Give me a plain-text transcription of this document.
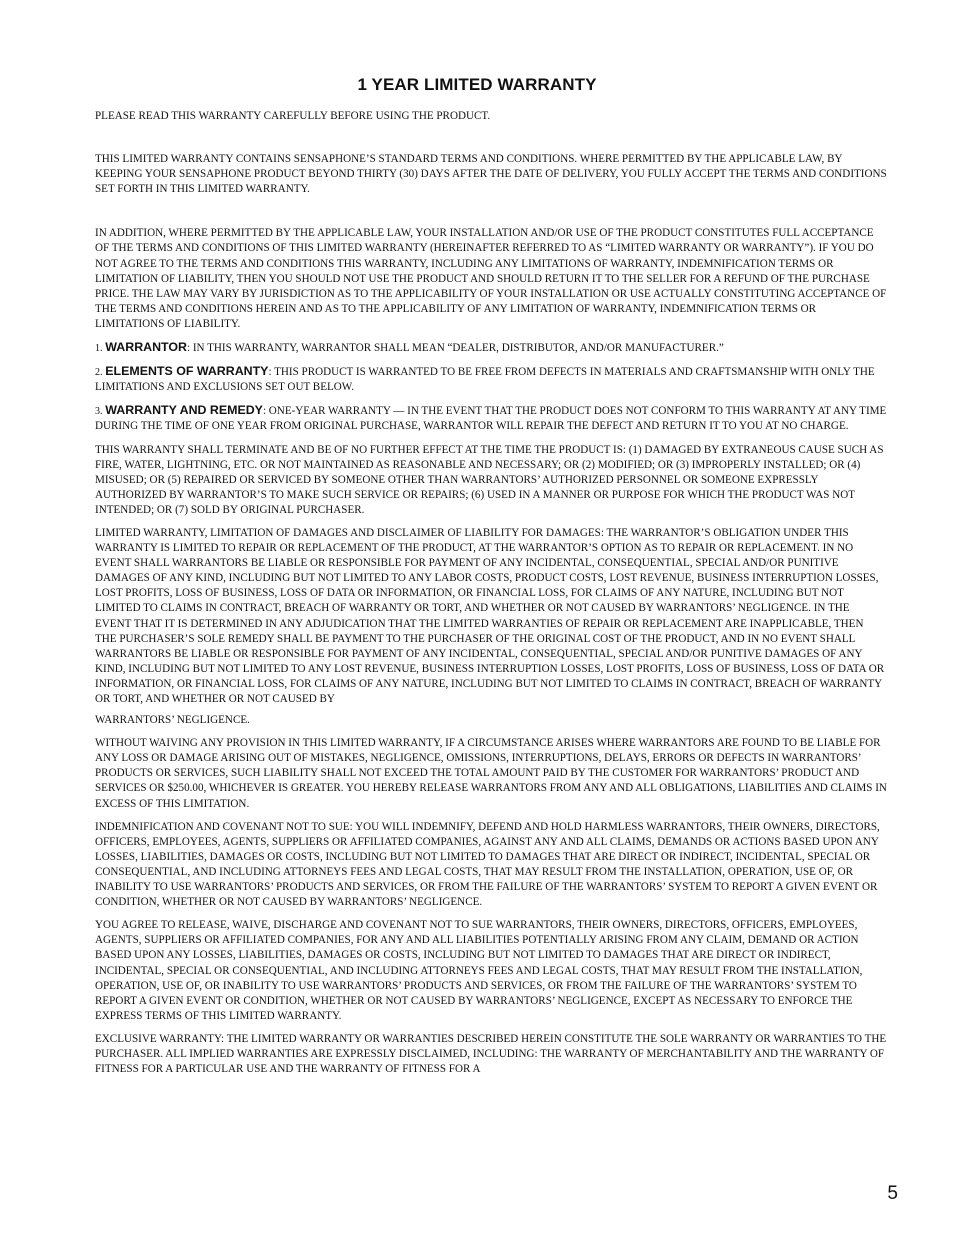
1 YEAR LIMITED WARRANTY

PLEASE READ THIS WARRANTY CAREFULLY BEFORE USING THE PRODUCT.

THIS LIMITED WARRANTY CONTAINS SENSAPHONE’S STANDARD TERMS AND CONDITIONS. WHERE PERMITTED BY THE APPLICABLE LAW, BY KEEPING YOUR SENSAPHONE PRODUCT BEYOND THIRTY (30) DAYS AFTER THE DATE OF DELIVERY, YOU FULLY ACCEPT THE TERMS AND CONDITIONS SET FORTH IN THIS LIMITED WARRANTY.

IN ADDITION, WHERE PERMITTED BY THE APPLICABLE LAW, YOUR INSTALLATION AND/OR USE OF THE PRODUCT CONSTITUTES FULL ACCEPTANCE OF THE TERMS AND CONDITIONS OF THIS LIMITED WARRANTY (HEREINAFTER REFERRED TO AS “LIMITED WARRANTY OR WARRANTY”). IF YOU DO NOT AGREE TO THE TERMS AND CONDITIONS THIS WARRANTY, INCLUDING ANY LIMITATIONS OF WARRANTY, INDEMNIFICATION TERMS OR LIMITATION OF LIABILITY, THEN YOU SHOULD NOT USE THE PRODUCT AND SHOULD RETURN IT TO THE SELLER FOR A REFUND OF THE PURCHASE PRICE. THE LAW MAY VARY BY JURISDICTION AS TO THE APPLICABILITY OF YOUR INSTALLATION OR USE ACTUALLY CONSTITUTING ACCEPTANCE OF THE TERMS AND CONDITIONS HEREIN AND AS TO THE APPLICABILITY OF ANY LIMITATION OF WARRANTY, INDEMNIFICATION TERMS OR LIMITATIONS OF LIABILITY.

1. WARRANTOR: IN THIS WARRANTY, WARRANTOR SHALL MEAN “DEALER, DISTRIBUTOR, AND/OR MANUFACTURER.”

2. ELEMENTS OF WARRANTY: THIS PRODUCT IS WARRANTED TO BE FREE FROM DEFECTS IN MATERIALS AND CRAFTSMANSHIP WITH ONLY THE LIMITATIONS AND EXCLUSIONS SET OUT BELOW.

3. WARRANTY AND REMEDY: ONE-YEAR WARRANTY — IN THE EVENT THAT THE PRODUCT DOES NOT CONFORM TO THIS WARRANTY AT ANY TIME DURING THE TIME OF ONE YEAR FROM ORIGINAL PURCHASE, WARRANTOR WILL REPAIR THE DEFECT AND RETURN IT TO YOU AT NO CHARGE.

THIS WARRANTY SHALL TERMINATE AND BE OF NO FURTHER EFFECT AT THE TIME THE PRODUCT IS: (1) DAMAGED BY EXTRANEOUS CAUSE SUCH AS FIRE, WATER, LIGHTNING, ETC. OR NOT MAINTAINED AS REASONABLE AND NECESSARY; OR (2) MODIFIED; OR (3) IMPROPERLY INSTALLED; OR (4) MISUSED; OR (5) REPAIRED OR SERVICED BY SOMEONE OTHER THAN WARRANTORS’ AUTHORIZED PERSONNEL OR SOMEONE EXPRESSLY AUTHORIZED BY WARRANTOR’S TO MAKE SUCH SERVICE OR REPAIRS; (6) USED IN A MANNER OR PURPOSE FOR WHICH THE PRODUCT WAS NOT INTENDED; OR (7) SOLD BY ORIGINAL PURCHASER.

LIMITED WARRANTY, LIMITATION OF DAMAGES AND DISCLAIMER OF LIABILITY FOR DAMAGES: THE WARRANTOR’S OBLIGATION UNDER THIS WARRANTY IS LIMITED TO REPAIR OR REPLACEMENT OF THE PRODUCT, AT THE WARRANTOR’S OPTION AS TO REPAIR OR REPLACEMENT. IN NO EVENT SHALL WARRANTORS BE LIABLE OR RESPONSIBLE FOR PAYMENT OF ANY INCIDENTAL, CONSEQUENTIAL, SPECIAL AND/OR PUNITIVE DAMAGES OF ANY KIND, INCLUDING BUT NOT LIMITED TO ANY LABOR COSTS, PRODUCT COSTS, LOST REVENUE, BUSINESS INTERRUPTION LOSSES, LOST PROFITS, LOSS OF BUSINESS, LOSS OF DATA OR INFORMATION, OR FINANCIAL LOSS, FOR CLAIMS OF ANY NATURE, INCLUDING BUT NOT LIMITED TO CLAIMS IN CONTRACT, BREACH OF WARRANTY OR TORT, AND WHETHER OR NOT CAUSED BY WARRANTORS’ NEGLIGENCE. IN THE EVENT THAT IT IS DETERMINED IN ANY ADJUDICATION THAT THE LIMITED WARRANTIES OF REPAIR OR REPLACEMENT ARE INAPPLICABLE, THEN THE PURCHASER’S SOLE REMEDY SHALL BE PAYMENT TO THE PURCHASER OF THE ORIGINAL COST OF THE PRODUCT, AND IN NO EVENT SHALL WARRANTORS BE LIABLE OR RESPONSIBLE FOR PAYMENT OF ANY INCIDENTAL, CONSEQUENTIAL, SPECIAL AND/OR PUNITIVE DAMAGES OF ANY KIND, INCLUDING BUT NOT LIMITED TO ANY LOST REVENUE, BUSINESS INTERRUPTION LOSSES, LOST PROFITS, LOSS OF BUSINESS, LOSS OF DATA OR INFORMATION, OR FINANCIAL LOSS, FOR CLAIMS OF ANY NATURE, INCLUDING BUT NOT LIMITED TO CLAIMS IN CONTRACT, BREACH OF WARRANTY OR TORT, AND WHETHER OR NOT CAUSED BY

WARRANTORS’ NEGLIGENCE.

WITHOUT WAIVING ANY PROVISION IN THIS LIMITED WARRANTY, IF A CIRCUMSTANCE ARISES WHERE WARRANTORS ARE FOUND TO BE LIABLE FOR ANY LOSS OR DAMAGE ARISING OUT OF MISTAKES, NEGLIGENCE, OMISSIONS, INTERRUPTIONS, DELAYS, ERRORS OR DEFECTS IN WARRANTORS’ PRODUCTS OR SERVICES, SUCH LIABILITY SHALL NOT EXCEED THE TOTAL AMOUNT PAID BY THE CUSTOMER FOR WARRANTORS’ PRODUCT AND SERVICES OR $250.00, WHICHEVER IS GREATER. YOU HEREBY RELEASE WARRANTORS FROM ANY AND ALL OBLIGATIONS, LIABILITIES AND CLAIMS IN EXCESS OF THIS LIMITATION.

INDEMNIFICATION AND COVENANT NOT TO SUE: YOU WILL INDEMNIFY, DEFEND AND HOLD HARMLESS WARRANTORS, THEIR OWNERS, DIRECTORS, OFFICERS, EMPLOYEES, AGENTS, SUPPLIERS OR AFFILIATED COMPANIES, AGAINST ANY AND ALL CLAIMS, DEMANDS OR ACTIONS BASED UPON ANY LOSSES, LIABILITIES, DAMAGES OR COSTS, INCLUDING BUT NOT LIMITED TO DAMAGES THAT ARE DIRECT OR INDIRECT, INCIDENTAL, SPECIAL OR CONSEQUENTIAL, AND INCLUDING ATTORNEYS FEES AND LEGAL COSTS, THAT MAY RESULT FROM THE INSTALLATION, OPERATION, USE OF, OR INABILITY TO USE WARRANTORS’ PRODUCTS AND SERVICES, OR FROM THE FAILURE OF THE WARRANTORS’ SYSTEM TO REPORT A GIVEN EVENT OR CONDITION, WHETHER OR NOT CAUSED BY WARRANTORS’ NEGLIGENCE.

YOU AGREE TO RELEASE, WAIVE, DISCHARGE AND COVENANT NOT TO SUE WARRANTORS, THEIR OWNERS, DIRECTORS, OFFICERS, EMPLOYEES, AGENTS, SUPPLIERS OR AFFILIATED COMPANIES, FOR ANY AND ALL LIABILITIES POTENTIALLY ARISING FROM ANY CLAIM, DEMAND OR ACTION BASED UPON ANY LOSSES, LIABILITIES, DAMAGES OR COSTS, INCLUDING BUT NOT LIMITED TO DAMAGES THAT ARE DIRECT OR INDIRECT, INCIDENTAL, SPECIAL OR CONSEQUENTIAL, AND INCLUDING ATTORNEYS FEES AND LEGAL COSTS, THAT MAY RESULT FROM THE INSTALLATION, OPERATION, USE OF, OR INABILITY TO USE WARRANTORS’ PRODUCTS AND SERVICES, OR FROM THE FAILURE OF THE WARRANTORS’ SYSTEM TO REPORT A GIVEN EVENT OR CONDITION, WHETHER OR NOT CAUSED BY WARRANTORS’ NEGLIGENCE, EXCEPT AS NECESSARY TO ENFORCE THE EXPRESS TERMS OF THIS LIMITED WARRANTY.

EXCLUSIVE WARRANTY: THE LIMITED WARRANTY OR WARRANTIES DESCRIBED HEREIN CONSTITUTE THE SOLE WARRANTY OR WARRANTIES TO THE PURCHASER. ALL IMPLIED WARRANTIES ARE EXPRESSLY DISCLAIMED, INCLUDING: THE WARRANTY OF MERCHANTABILITY AND THE WARRANTY OF FITNESS FOR A PARTICULAR USE AND THE WARRANTY OF FITNESS FOR A

5
